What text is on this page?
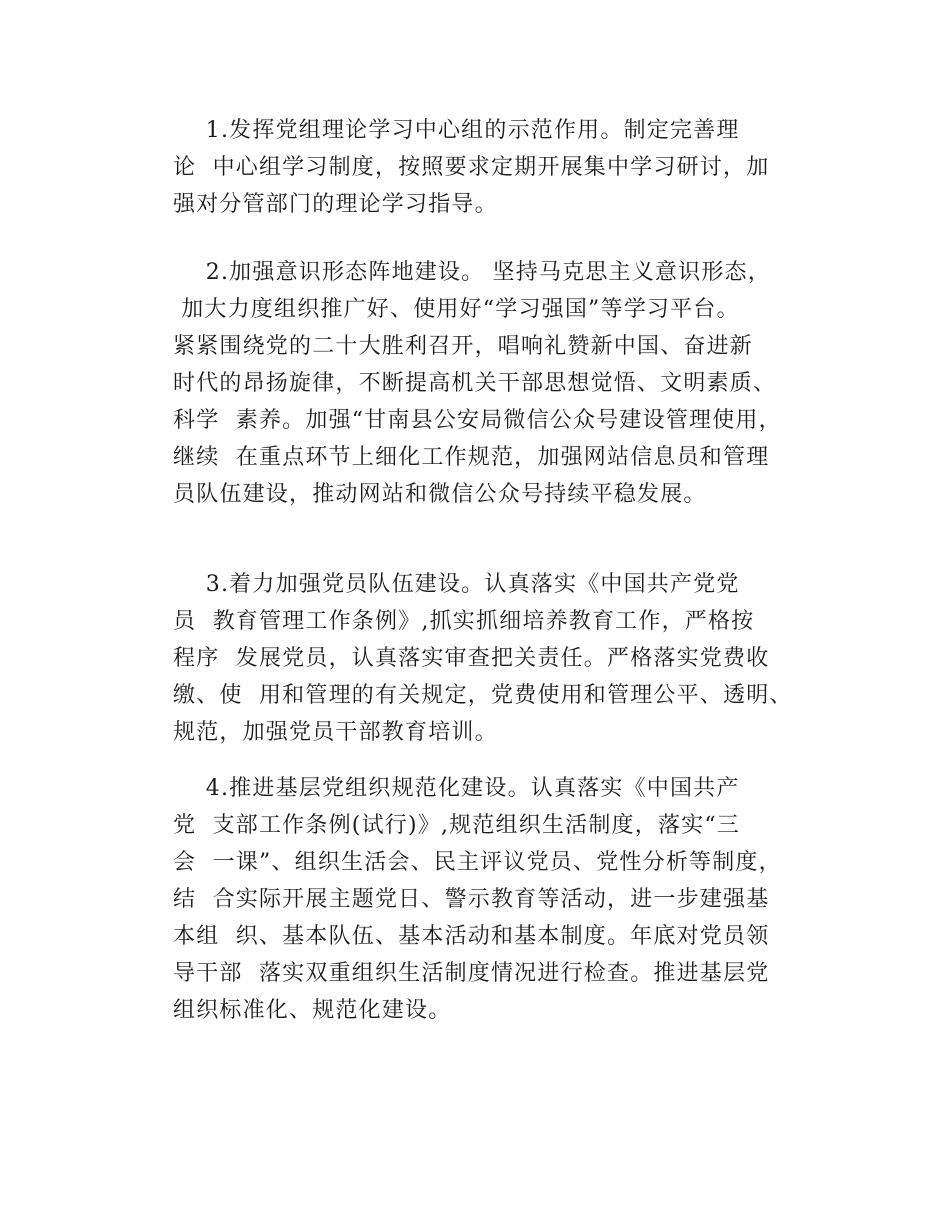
1.发挥党组理论学习中心组的示范作用。制定完善理
论  中心组学习制度，按照要求定期开展集中学习研讨，加
强对分管部门的理论学习指导。
2.加强意识形态阵地建设。 坚持马克思主义意识形态，
加大力度组织推广好、使用好“学习强国”等学习平台。
紧紧围绕党的二十大胜利召开，唱响礼赞新中国、奋进新
时代的昂扬旋律，不断提高机关干部思想觉悟、文明素质、
科学  素养。加强“甘南县公安局微信公众号建设管理使用，
继续  在重点环节上细化工作规范，加强网站信息员和管理
员队伍建设，推动网站和微信公众号持续平稳发展。
3.着力加强党员队伍建设。认真落实《中国共产党党
员  教育管理工作条例》,抓实抓细培养教育工作，严格按
程序  发展党员，认真落实审查把关责任。严格落实党费收
缴、使  用和管理的有关规定，党费使用和管理公平、透明、
规范，加强党员干部教育培训。
4.推进基层党组织规范化建设。认真落实《中国共产
党  支部工作条例(试行)》,规范组织生活制度，落实“三
会  一课”、组织生活会、民主评议党员、党性分析等制度，
结  合实际开展主题党日、警示教育等活动，进一步建强基
本组  织、基本队伍、基本活动和基本制度。年底对党员领
导干部  落实双重组织生活制度情况进行检查。推进基层党
组织标准化、规范化建设。
